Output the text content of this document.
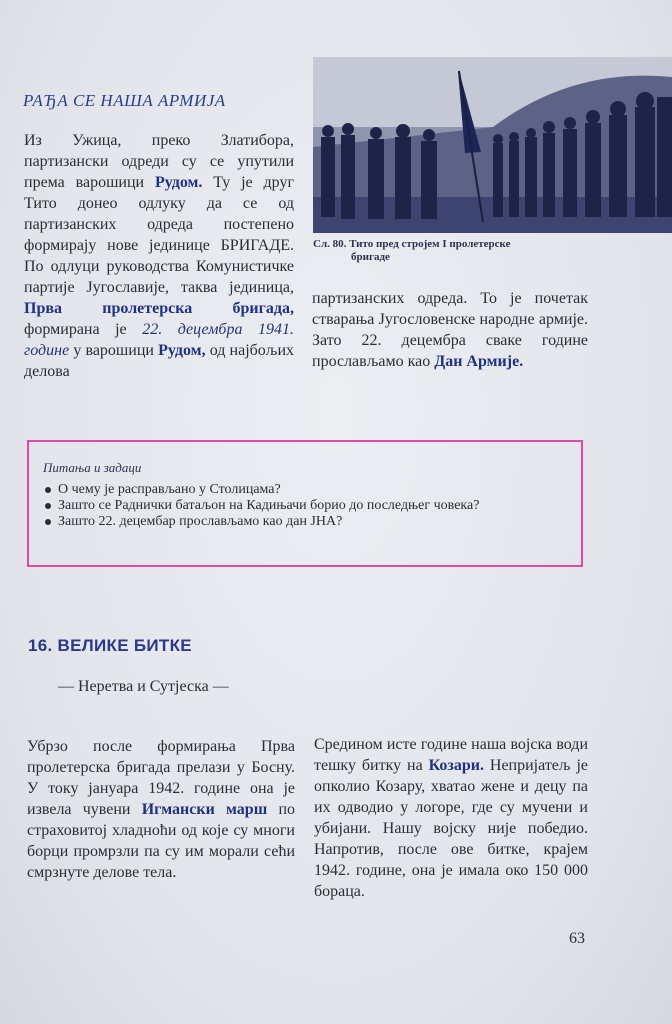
РАЂА СЕ НАША АРМИЈА
Из Ужица, преко Златибора, партизански одреди су се упутили према варошици Рудом. Ту је друг Тито донео одлуку да се од партизанских одреда постепено формирају нове јединице БРИГАДЕ. По одлуци руководства Комунистичке партије Југославије, таква јединица, Прва пролетерска бригада, формирана је 22. децембра 1941. године у варошици Рудом, од најбољих делова
Сл. 80. Тито пред стројем I пролетерске
бригаде
партизанских одреда. То је почетак стварања Југословенске народне армије. Зато 22. децембра сваке године прослављамо као Дан Армије.
Питања и задаци
О чему је расправљано у Столицама?
Зашто се Раднички батаљон на Кадињачи борио до последњег човека?
Зашто 22. децембар прослављамо као дан ЈНА?
16. ВЕЛИКЕ БИТКЕ
— Неретва и Сутјеска —
Убрзо после формирања Прва пролетерска бригада прелази у Босну. У току јануара 1942. године она је извела чувени Игмански марш по страховитој хладноћи од које су многи борци промрзли па су им морали сећи смрзнуте делове тела.
Средином исте године наша војска води тешку битку на Козари. Непријатељ је опколио Козару, хватао жене и децу па их одводио у логоре, где су мучени и убијани. Нашу војску није победио. Напротив, после ове битке, крајем 1942. године, она је имала око 150 000 бораца.
63
